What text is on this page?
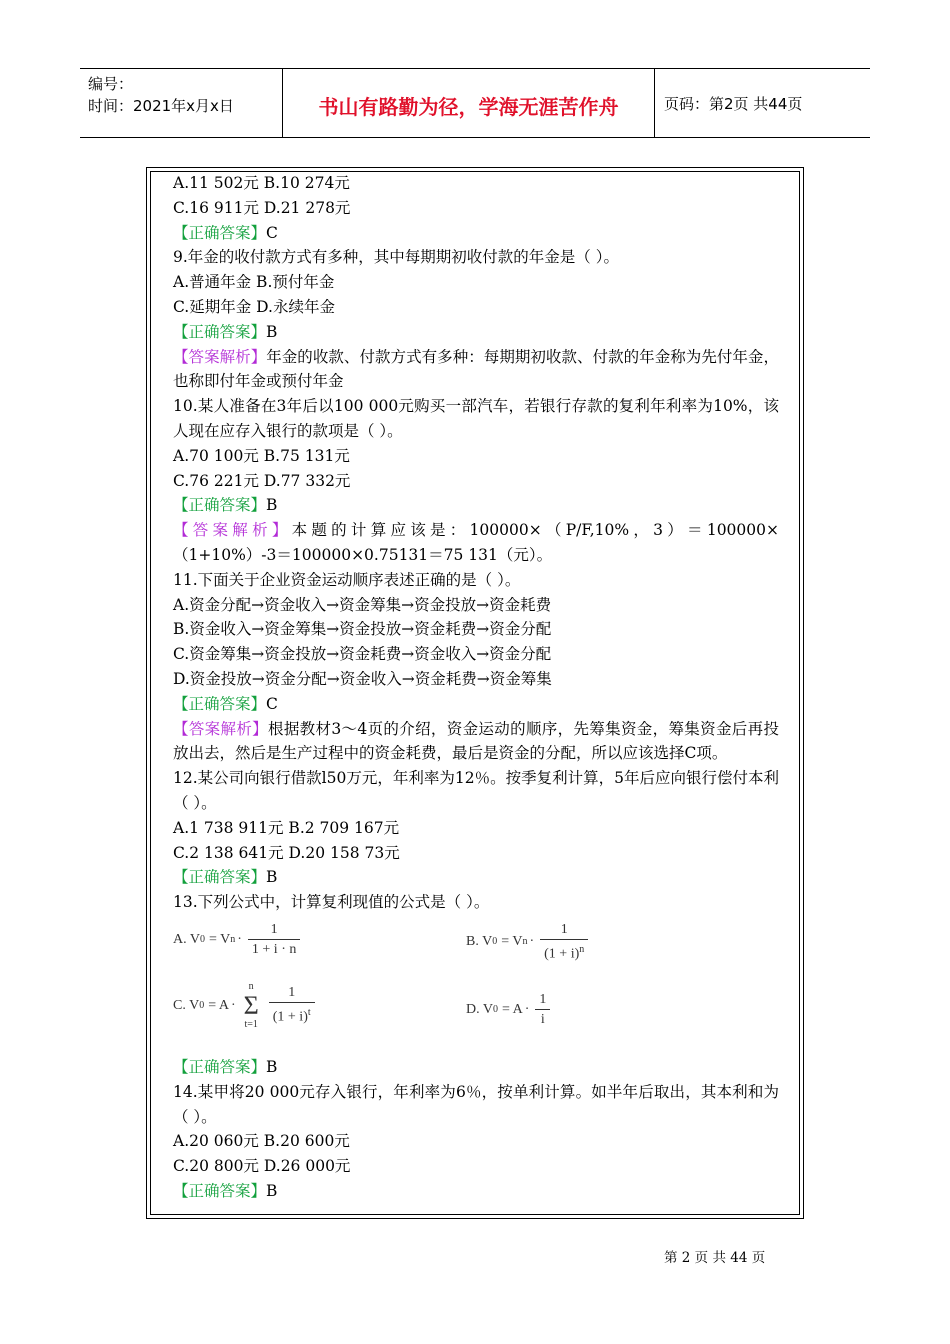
编号：
时间：2021年x月x日	书山有路勤为径，学海无涯苦作舟	页码：第2页 共44页
A.11 502元 B.10 274元
C.16 911元 D.21 278元
【正确答案】C
9.年金的收付款方式有多种，其中每期期初收付款的年金是（ ）。
A.普通年金 B.预付年金
C.延期年金 D.永续年金
【正确答案】B
【答案解析】年金的收款、付款方式有多种：每期期初收款、付款的年金称为先付年金，也称即付年金或预付年金
10.某人准备在3年后以100 000元购买一部汽车，若银行存款的复利年利率为10%，该人现在应存入银行的款项是（ ）。
A.70 100元 B.75 131元
C.76 221元 D.77 332元
【正确答案】B
【答案解析】本题的计算应该是：100000×（P/F,10%，3）＝100000×（1+10%）-3＝100000×0.75131＝75 131（元）。
11.下面关于企业资金运动顺序表述正确的是（ ）。
A.资金分配→资金收入→资金筹集→资金投放→资金耗费
B.资金收入→资金筹集→资金投放→资金耗费→资金分配
C.资金筹集→资金投放→资金耗费→资金收入→资金分配
D.资金投放→资金分配→资金收入→资金耗费→资金筹集
【正确答案】C
【答案解析】根据教材3～4页的介绍，资金运动的顺序，先筹集资金，筹集资金后再投放出去，然后是生产过程中的资金耗费，最后是资金的分配，所以应该选择C项。
12.某公司向银行借款l50万元，年利率为12％。按季复利计算，5年后应向银行偿付本利（ ）。
A.1 738 911元 B.2 709 167元
C.2 138 641元 D.20 158 73元
【正确答案】B
13.下列公式中，计算复利现值的公式是（ ）。
A. V 0 = V $n \cdot \frac{1}{1 + i \cdot n}$	B. V 0 = V $n \cdot \frac{1}{(1 + i)^n}$
C. V 0 = A ·
n
Σ
$t=1 \frac{1}{(1 + i)^t}$	D. V $0 = A \cdot \frac{1}{i}$
【正确答案】B
14.某甲将20 000元存入银行，年利率为6％，按单利计算。如半年后取出，其本利和为（ ）。
A.20 060元 B.20 600元
C.20 800元 D.26 000元
【正确答案】B
第 2 页 共 44 页
